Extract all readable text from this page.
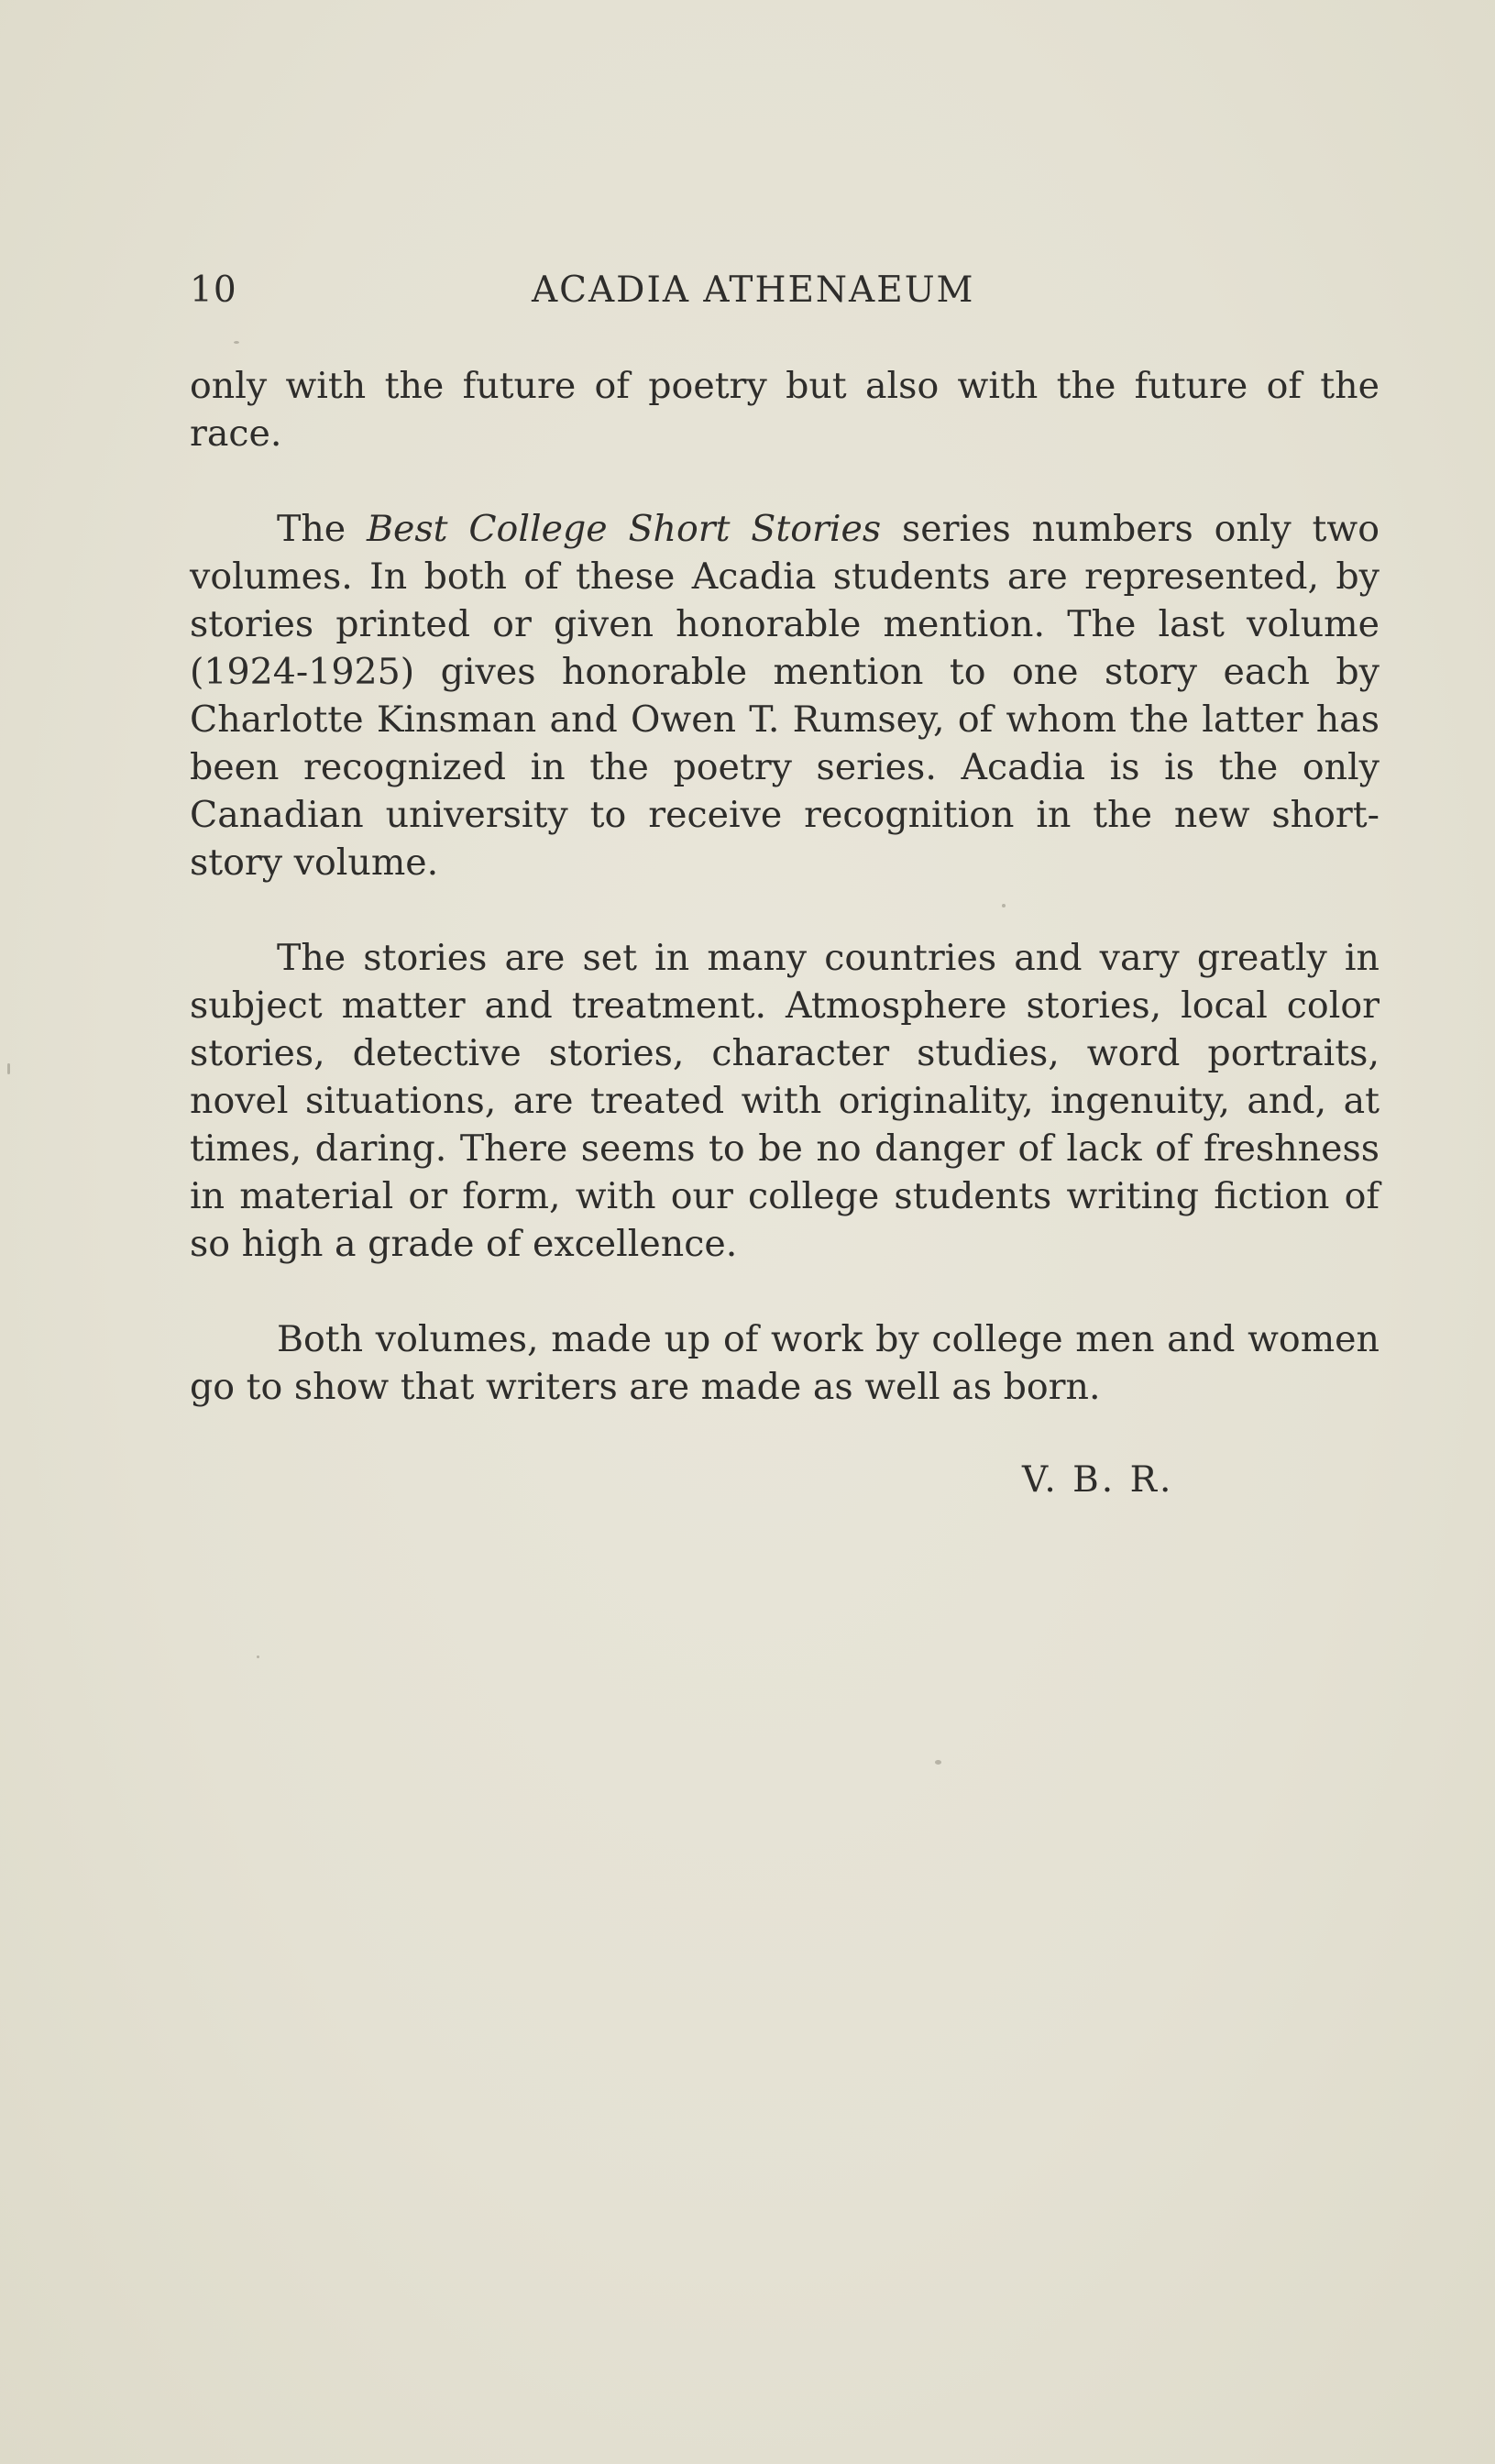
10	ACADIA ATHENAEUM

only with the future of poetry but also with the future of the race.

The Best College Short Stories series numbers only two volumes. In both of these Acadia students are represented, by stories printed or given honorable mention. The last volume (1924-1925) gives honorable mention to one story each by Charlotte Kinsman and Owen T. Rumsey, of whom the latter has been recognized in the poetry series. Acadia is is the only Canadian university to receive recognition in the new short-story volume.

The stories are set in many countries and vary greatly in subject matter and treatment. Atmosphere stories, local color stories, detective stories, character studies, word portraits, novel situations, are treated with originality, ingenuity, and, at times, daring. There seems to be no danger of lack of freshness in material or form, with our college students writing fiction of so high a grade of excellence.

Both volumes, made up of work by college men and women go to show that writers are made as well as born.

V. B. R.
